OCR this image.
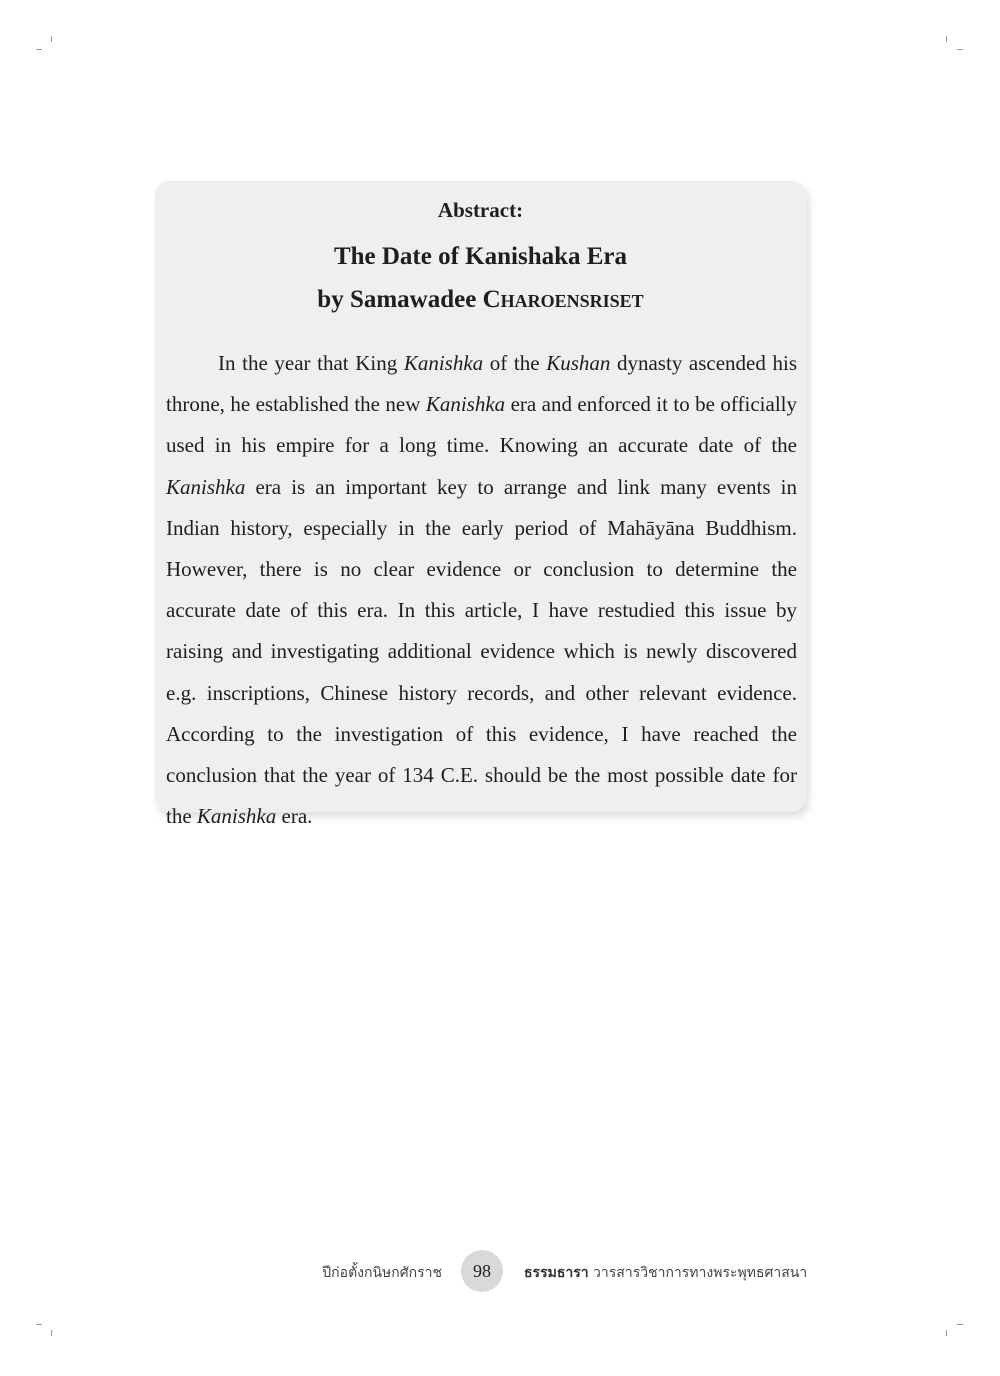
Abstract:
The Date of Kanishaka Era
by Samawadee Charoensriset

In the year that King Kanishka of the Kushan dynasty ascended his throne, he established the new Kanishka era and enforced it to be officially used in his empire for a long time. Knowing an accurate date of the Kanishka era is an important key to arrange and link many events in Indian history, especially in the early period of Mahāyāna Buddhism. However, there is no clear evidence or conclusion to determine the accurate date of this era. In this article, I have restudied this issue by raising and investigating additional evidence which is newly discovered e.g. inscriptions, Chinese history records, and other relevant evidence. According to the investigation of this evidence, I have reached the conclusion that the year of 134 C.E. should be the most possible date for the Kanishka era.

ปีก่อตั้งกนิษกศักราช 98 ธรรมธารา วารสารวิชาการทางพระพุทธศาสนา
